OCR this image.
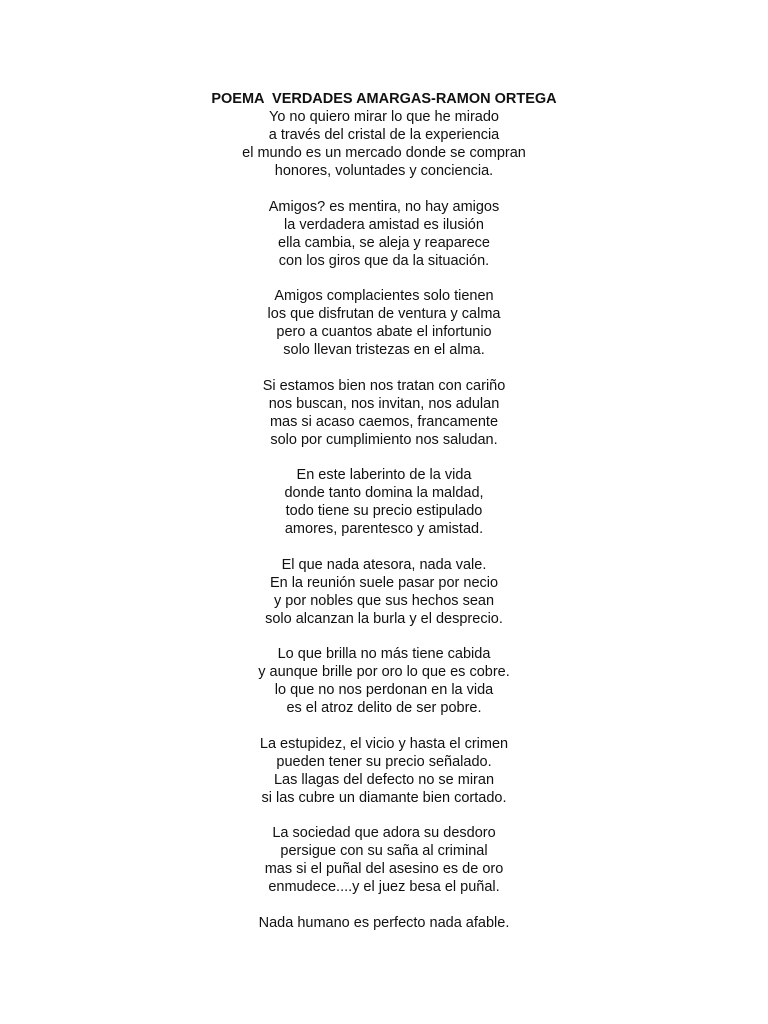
POEMA  VERDADES AMARGAS-RAMON ORTEGA
Yo no quiero mirar lo que he mirado
a través del cristal de la experiencia
el mundo es un mercado donde se compran
honores, voluntades y conciencia.
Amigos? es mentira, no hay amigos
la verdadera amistad es ilusión
ella cambia, se aleja y reaparece
con los giros que da la situación.
Amigos complacientes solo tienen
los que disfrutan de ventura y calma
pero a cuantos abate el infortunio
solo llevan tristezas en el alma.
Si estamos bien nos tratan con cariño
nos buscan, nos invitan, nos adulan
mas si acaso caemos, francamente
solo por cumplimiento nos saludan.
En este laberinto de la vida
donde tanto domina la maldad,
todo tiene su precio estipulado
amores, parentesco y amistad.
El que nada atesora, nada vale.
En la reunión suele pasar por necio
y por nobles que sus hechos sean
solo alcanzan la burla y el desprecio.
Lo que brilla no más tiene cabida
y aunque brille por oro lo que es cobre.
lo que no nos perdonan en la vida
es el atroz delito de ser pobre.
La estupidez, el vicio y hasta el crimen
pueden tener su precio señalado.
Las llagas del defecto no se miran
si las cubre un diamante bien cortado.
La sociedad que adora su desdoro
persigue con su saña al criminal
mas si el puñal del asesino es de oro
enmudece....y el juez besa el puñal.
Nada humano es perfecto nada afable.
